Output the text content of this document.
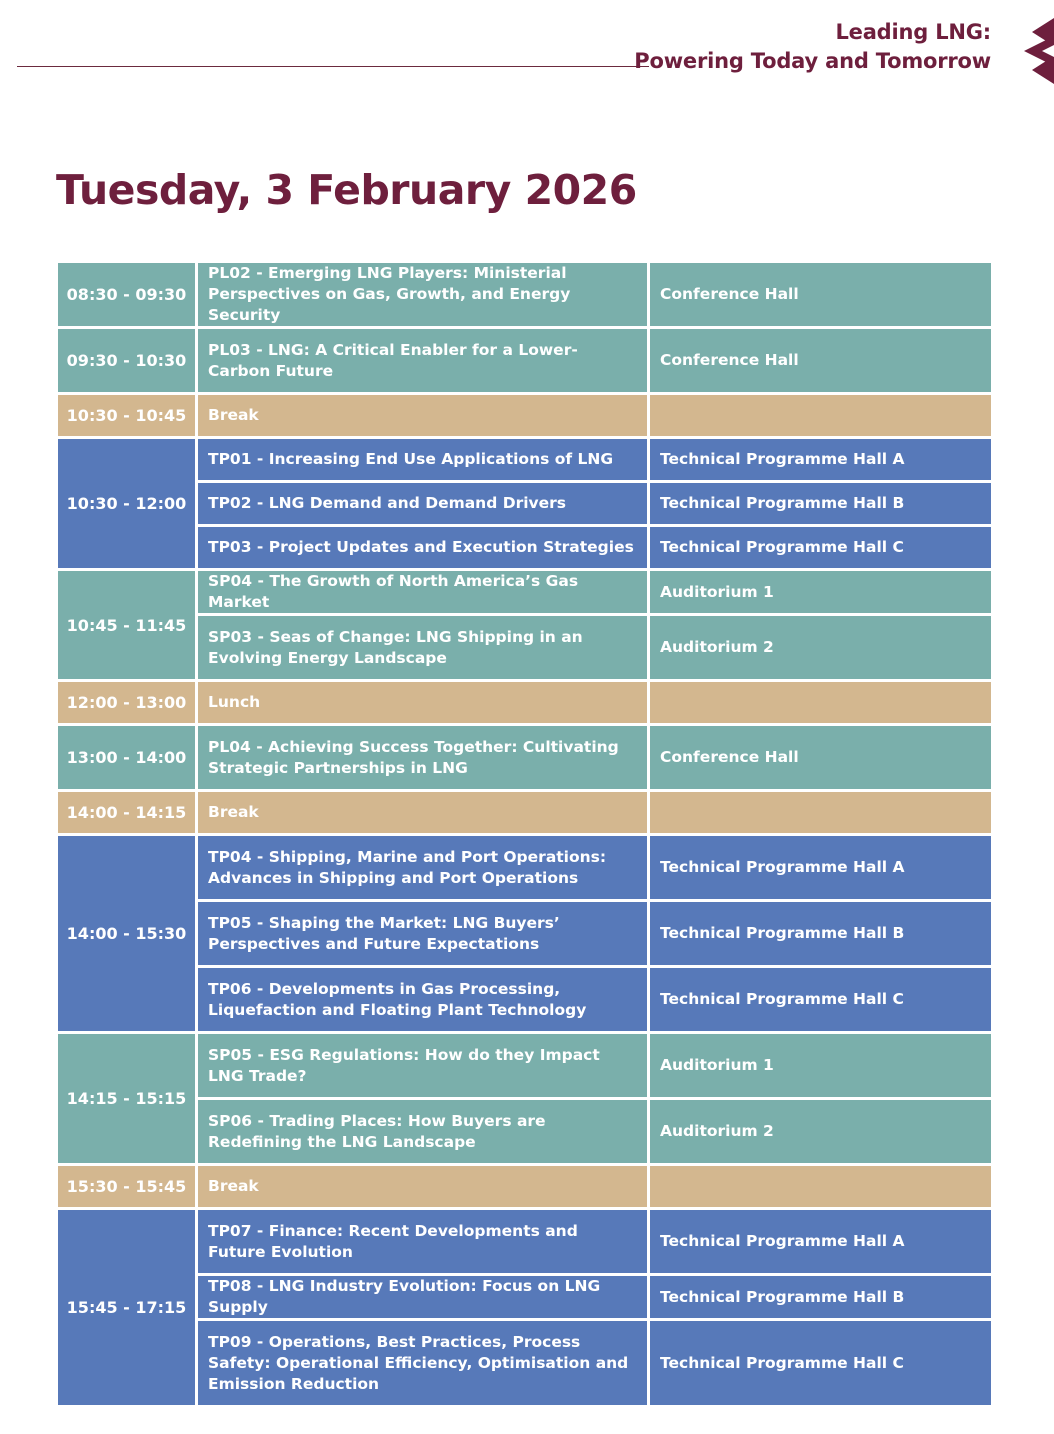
Leading LNG:
Powering Today and Tomorrow
Tuesday, 3 February 2026
08:30 - 09:30	PL02 - Emerging LNG Players: Ministerial Perspectives on Gas, Growth, and Energy Security	Conference Hall
09:30 - 10:30	PL03 - LNG: A Critical Enabler for a Lower-Carbon Future	Conference Hall
10:30 - 10:45	Break	
10:30 - 12:00	TP01 - Increasing End Use Applications of LNG	Technical Programme Hall A
	TP02 - LNG Demand and Demand Drivers	Technical Programme Hall B
	TP03 - Project Updates and Execution Strategies	Technical Programme Hall C
10:45 - 11:45	SP04 - The Growth of North America’s Gas Market	Auditorium 1
	SP03 - Seas of Change: LNG Shipping in an Evolving Energy Landscape	Auditorium 2
12:00 - 13:00	Lunch	
13:00 - 14:00	PL04 - Achieving Success Together: Cultivating Strategic Partnerships in LNG	Conference Hall
14:00 - 14:15	Break	
14:00 - 15:30	TP04 - Shipping, Marine and Port Operations: Advances in Shipping and Port Operations	Technical Programme Hall A
	TP05 - Shaping the Market: LNG Buyers’ Perspectives and Future Expectations	Technical Programme Hall B
	TP06 - Developments in Gas Processing, Liquefaction and Floating Plant Technology	Technical Programme Hall C
14:15 - 15:15	SP05 - ESG Regulations: How do they Impact LNG Trade?	Auditorium 1
	SP06 - Trading Places: How Buyers are Redefining the LNG Landscape	Auditorium 2
15:30 - 15:45	Break	
15:45 - 17:15	TP07 - Finance: Recent Developments and Future Evolution	Technical Programme Hall A
	TP08 - LNG Industry Evolution: Focus on LNG Supply	Technical Programme Hall B
	TP09 - Operations, Best Practices, Process Safety: Operational Efficiency, Optimisation and Emission Reduction	Technical Programme Hall C
